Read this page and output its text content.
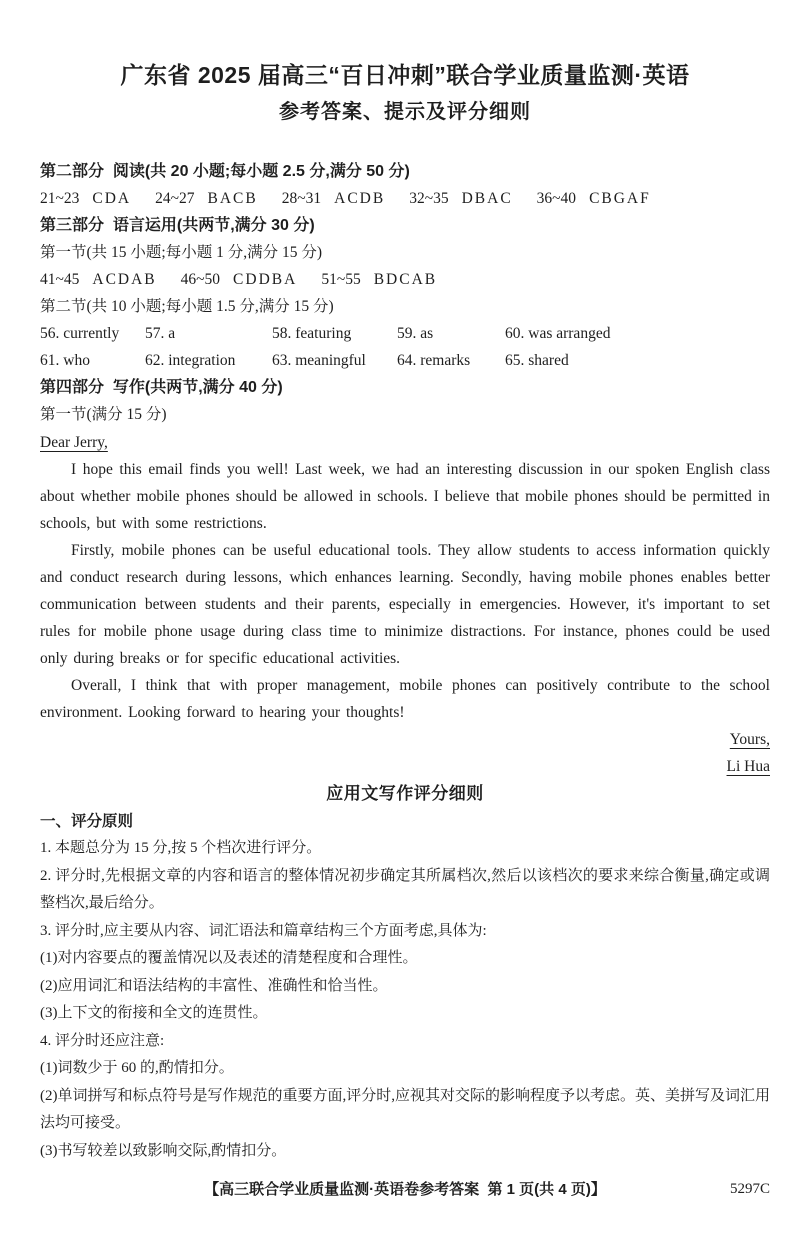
广东省 2025 届高三“百日冲刺”联合学业质量监测·英语
参考答案、提示及评分细则
第二部分  阅读(共 20 小题;每小题 2.5 分,满分 50 分)
21~23 CDA 24~27 BACB 28~31 ACDB 32~35 DBAC 36~40 CBGAF
第三部分  语言运用(共两节,满分 30 分)
第一节(共 15 小题;每小题 1 分,满分 15 分)
41~45 ACDAB 46~50 CDDBA 51~55 BDCAB
第二节(共 10 小题;每小题 1.5 分,满分 15 分)
56. currently	57. a	58. featuring	59. as	60. was arranged
61. who	62. integration	63. meaningful	64. remarks	65. shared
第四部分  写作(共两节,满分 40 分)
第一节(满分 15 分)
Dear Jerry,

I hope this email finds you well! Last week, we had an interesting discussion in our spoken English class about whether mobile phones should be allowed in schools. I believe that mobile phones should be permitted in schools, but with some restrictions.

Firstly, mobile phones can be useful educational tools. They allow students to access information quickly and conduct research during lessons, which enhances learning. Secondly, having mobile phones enables better communication between students and their parents, especially in emergencies. However, it's important to set rules for mobile phone usage during class time to minimize distractions. For instance, phones could be used only during breaks or for specific educational activities.

Overall, I think that with proper management, mobile phones can positively contribute to the school environment. Looking forward to hearing your thoughts!

Yours,
Li Hua
应用文写作评分细则
一、评分原则
1. 本题总分为 15 分,按 5 个档次进行评分。
2. 评分时,先根据文章的内容和语言的整体情况初步确定其所属档次,然后以该档次的要求来综合衡量,确定或调整档次,最后给分。
3. 评分时,应主要从内容、词汇语法和篇章结构三个方面考虑,具体为:
(1)对内容要点的覆盖情况以及表述的清楚程度和合理性。
(2)应用词汇和语法结构的丰富性、准确性和恰当性。
(3)上下文的衔接和全文的连贯性。
4. 评分时还应注意:
(1)词数少于 60 的,酌情扣分。
(2)单词拼写和标点符号是写作规范的重要方面,评分时,应视其对交际的影响程度予以考虑。英、美拼写及词汇用法均可接受。
(3)书写较差以致影响交际,酌情扣分。
【高三联合学业质量监测·英语卷参考答案  第 1 页(共 4 页)】	5297C
